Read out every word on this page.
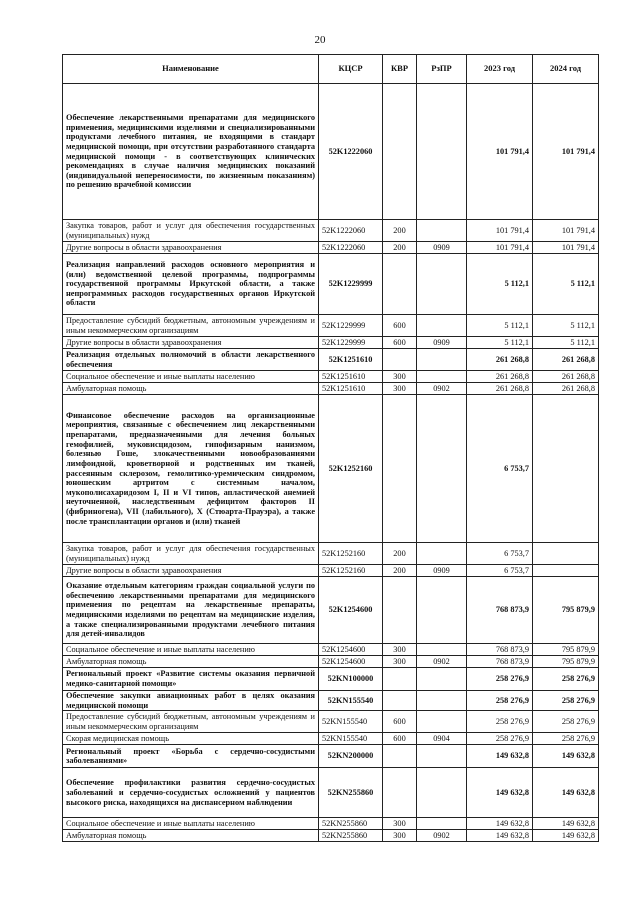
20
Наименование	КЦСР	КВР	РзПР	2023 год	2024 год
Обеспечение лекарственными препаратами для медицинского применения, медицинскими изделиями и специализированными продуктами лечебного питания, не входящими в стандарт медицинской помощи, при отсутствии разработанного стандарта медицинской помощи - в соответствующих клинических рекомендациях в случае наличия медицинских показаний (индивидуальной непереносимости, по жизненным показаниям) по решению врачебной комиссии	52K1222060			101 791,4	101 791,4
Закупка товаров, работ и услуг для обеспечения государственных (муниципальных) нужд	52K1222060	200		101 791,4	101 791,4
Другие вопросы в области здравоохранения	52K1222060	200	0909	101 791,4	101 791,4
Реализация направлений расходов основного мероприятия и (или) ведомственной целевой программы, подпрограммы государственной программы Иркутской области, а также непрограммных расходов государственных органов Иркутской области	52K1229999			5 112,1	5 112,1
Предоставление субсидий бюджетным, автономным учреждениям и иным некоммерческим организациям	52K1229999	600		5 112,1	5 112,1
Другие вопросы в области здравоохранения	52K1229999	600	0909	5 112,1	5 112,1
Реализация отдельных полномочий в области лекарственного обеспечения	52K1251610			261 268,8	261 268,8
Социальное обеспечение и иные выплаты населению	52K1251610	300		261 268,8	261 268,8
Амбулаторная помощь	52K1251610	300	0902	261 268,8	261 268,8
Финансовое обеспечение расходов на организационные мероприятия, связанные с обеспечением лиц лекарственными препаратами, предназначенными для лечения больных гемофилией, муковисцидозом, гипофизарным нанизмом, болезнью Гоше, злокачественными новообразованиями лимфоидной, кроветворной и родственных им тканей, рассеянным склерозом, гемолитико-уремическим синдромом, юношеским артритом с системным началом, мукополисахаридозом I, II и VI типов, апластической анемией неуточненной, наследственным дефицитом факторов II (фибриногена), VII (лабильного), X (Стюарта-Прауэра), а также после трансплантации органов и (или) тканей	52K1252160			6 753,7	
Закупка товаров, работ и услуг для обеспечения государственных (муниципальных) нужд	52K1252160	200		6 753,7	
Другие вопросы в области здравоохранения	52K1252160	200	0909	6 753,7	
Оказание отдельным категориям граждан социальной услуги по обеспечению лекарственными препаратами для медицинского применения по рецептам на лекарственные препараты, медицинскими изделиями по рецептам на медицинские изделия, а также специализированными продуктами лечебного питания для детей-инвалидов	52K1254600			768 873,9	795 879,9
Социальное обеспечение и иные выплаты населению	52K1254600	300		768 873,9	795 879,9
Амбулаторная помощь	52K1254600	300	0902	768 873,9	795 879,9
Региональный проект «Развитие системы оказания первичной медико-санитарной помощи»	52KN100000			258 276,9	258 276,9
Обеспечение закупки авиационных работ в целях оказания медицинской помощи	52KN155540			258 276,9	258 276,9
Предоставление субсидий бюджетным, автономным учреждениям и иным некоммерческим организациям	52KN155540	600		258 276,9	258 276,9
Скорая медицинская помощь	52KN155540	600	0904	258 276,9	258 276,9
Региональный проект «Борьба с сердечно-сосудистыми заболеваниями»	52KN200000			149 632,8	149 632,8
Обеспечение профилактики развития сердечно-сосудистых заболеваний и сердечно-сосудистых осложнений у пациентов высокого риска, находящихся на диспансерном наблюдении	52KN255860			149 632,8	149 632,8
Социальное обеспечение и иные выплаты населению	52KN255860	300		149 632,8	149 632,8
Амбулаторная помощь	52KN255860	300	0902	149 632,8	149 632,8
